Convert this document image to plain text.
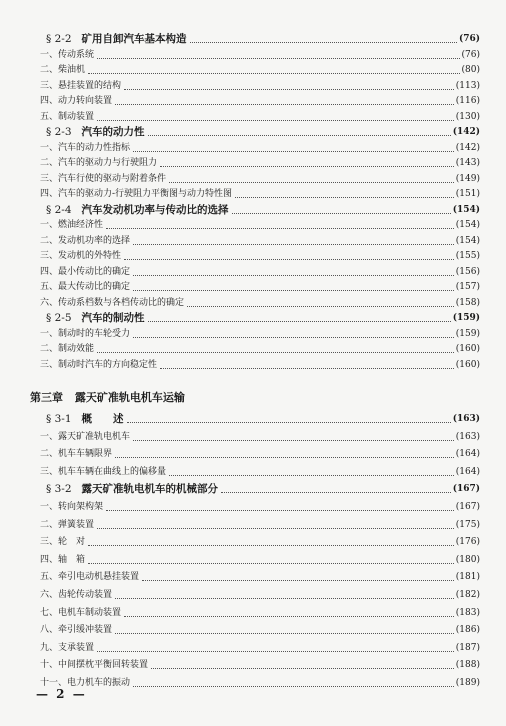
§ 2-2 矿用自卸汽车基本构造	(76)
一、传动系统	(76)
二、柴油机	(80)
三、悬挂装置的结构	(113)
四、动力转向装置	(116)
五、制动装置	(130)
§ 2-3 汽车的动力性	(142)
一、汽车的动力性指标	(142)
二、汽车的驱动力与行驶阻力	(143)
三、汽车行使的驱动与附着条件	(149)
四、汽车的驱动力-行驶阻力平衡图与动力特性图	(151)
§ 2-4 汽车发动机功率与传动比的选择	(154)
一、燃油经济性	(154)
二、发动机功率的选择	(154)
三、发动机的外特性	(155)
四、最小传动比的确定	(156)
五、最大传动比的确定	(157)
六、传动系档数与各档传动比的确定	(158)
§ 2-5 汽车的制动性	(159)
一、制动时的车轮受力	(159)
二、制动效能	(160)
三、制动时汽车的方向稳定性	(160)
第三章 露天矿准轨电机车运输
§ 3-1 概　　述	(163)
一、露天矿准轨电机车	(163)
二、机车车辆限界	(164)
三、机车车辆在曲线上的偏移量	(164)
§ 3-2 露天矿准轨电机车的机械部分	(167)
一、转向架构架	(167)
二、弹簧装置	(175)
三、轮　对	(176)
四、轴　箱	(180)
五、牵引电动机悬挂装置	(181)
六、齿轮传动装置	(182)
七、电机车制动装置	(183)
八、牵引缓冲装置	(186)
九、支承装置	(187)
十、中间摆枕平衡回转装置	(188)
十一、电力机车的振动	(189)
— 2 —
